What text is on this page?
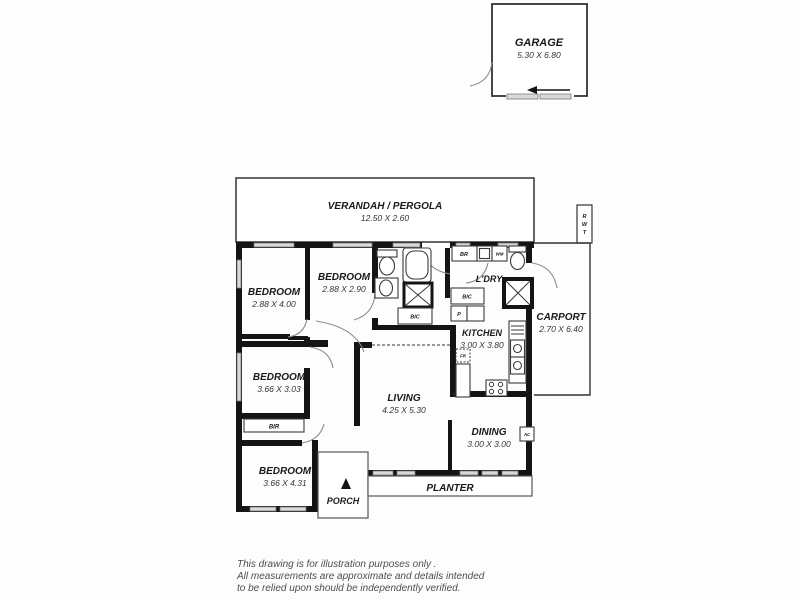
GARAGE
5.30 X 6.80
VERANDAH / PERGOLA
12.50 X 2.60	R
W
T
CARPORT
2.70 X 6.40
BIC
BR	WM
BIC
P
FR
BIR
AC
PORCH
PLANTER
BEDROOM
2.88 X 4.00
BEDROOM
2.88 X 2.90
BEDROOM
3.66 X 3.03
BEDROOM
3.66 X 4.31
LIVING
4.25 X 5.30
DINING
3.00 X 3.00
KITCHEN
3.00 X 3.80
L'DRY
This drawing is for illustration purposes only .
All measurements are approximate and details intended
to be relied upon should be independently verified.
